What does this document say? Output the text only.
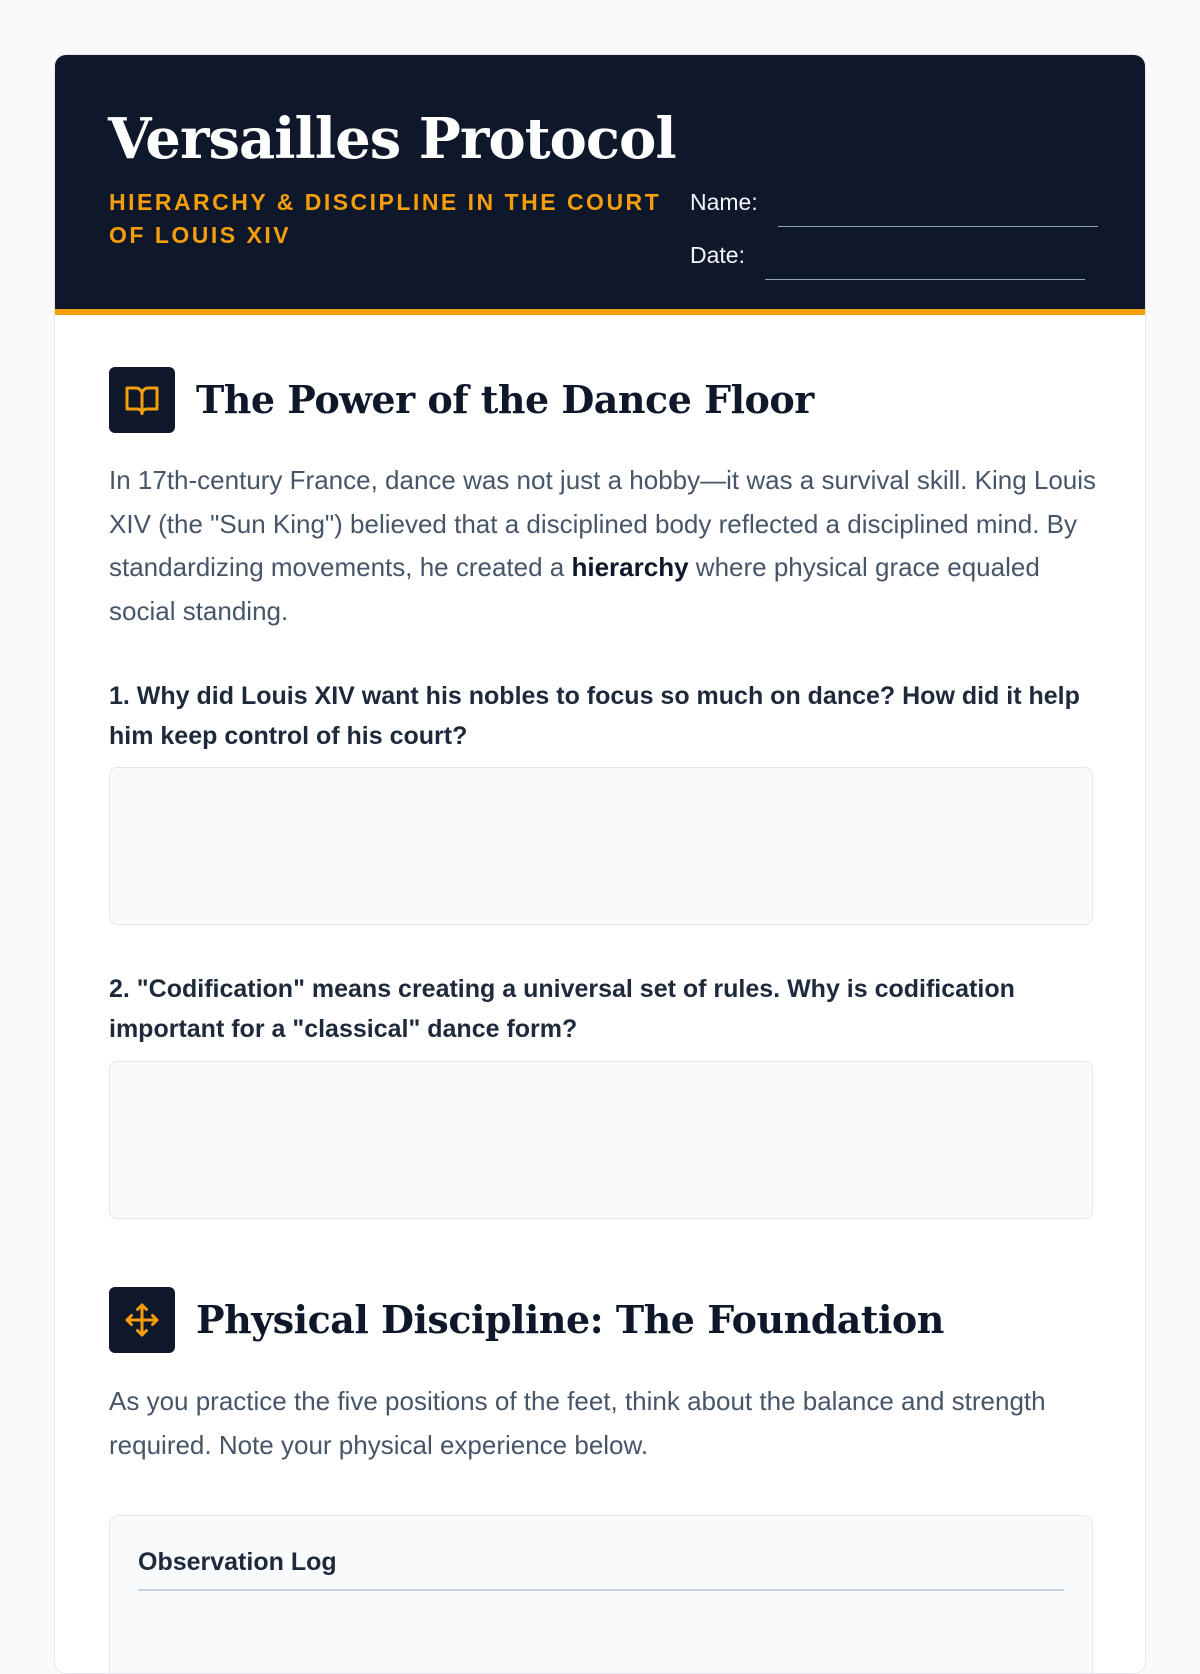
Versailles Protocol
HIERARCHY & DISCIPLINE IN THE COURT OF LOUIS XIV
Name:
Date:
The Power of the Dance Floor

In 17th-century France, dance was not just a hobby—it was a survival skill. King Louis XIV (the "Sun King") believed that a disciplined body reflected a disciplined mind. By standardizing movements, he created a hierarchy where physical grace equaled social standing.

1. Why did Louis XIV want his nobles to focus so much on dance? How did it help him keep control of his court?

2. "Codification" means creating a universal set of rules. Why is codification important for a "classical" dance form?

Physical Discipline: The Foundation

As you practice the five positions of the feet, think about the balance and strength required. Note your physical experience below.

Observation Log
